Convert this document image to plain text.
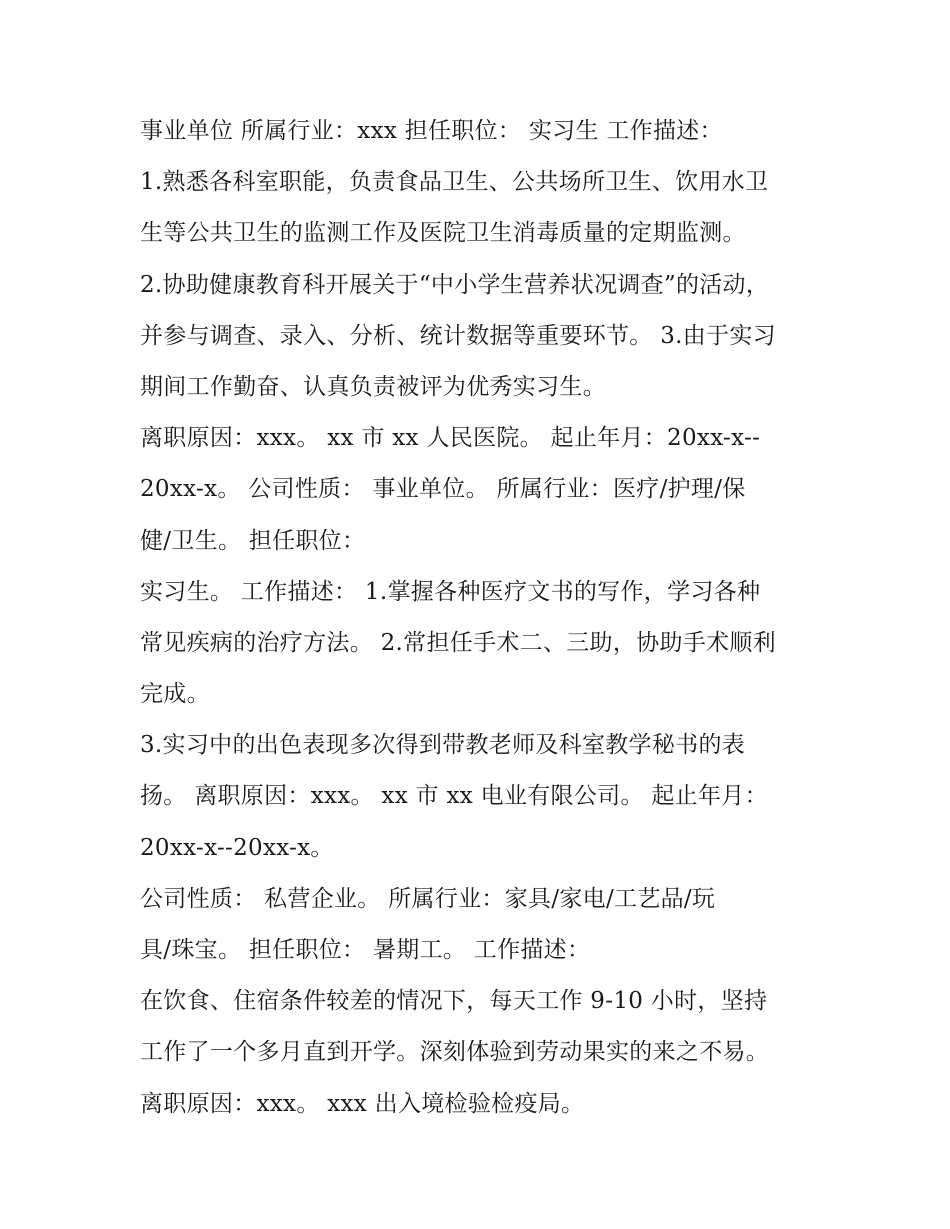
事业单位 所属行业：xxx 担任职位： 实习生 工作描述：
1.熟悉各科室职能，负责食品卫生、公共场所卫生、饮用水卫
生等公共卫生的监测工作及医院卫生消毒质量的定期监测。
2.协助健康教育科开展关于“中小学生营养状况调查”的活动，
并参与调查、录入、分析、统计数据等重要环节。 3.由于实习
期间工作勤奋、认真负责被评为优秀实习生。
离职原因：xxx。 xx 市 xx 人民医院。 起止年月：20xx-x--
20xx-x。 公司性质： 事业单位。 所属行业：医疗/护理/保
健/卫生。 担任职位：
实习生。 工作描述： 1.掌握各种医疗文书的写作，学习各种
常见疾病的治疗方法。 2.常担任手术二、三助，协助手术顺利
完成。
3.实习中的出色表现多次得到带教老师及科室教学秘书的表
扬。 离职原因：xxx。 xx 市 xx 电业有限公司。 起止年月：
20xx-x--20xx-x。
公司性质： 私营企业。 所属行业：家具/家电/工艺品/玩
具/珠宝。 担任职位： 暑期工。 工作描述：
在饮食、住宿条件较差的情况下，每天工作 9-10 小时，坚持
工作了一个多月直到开学。深刻体验到劳动果实的来之不易。
离职原因：xxx。 xxx 出入境检验检疫局。
